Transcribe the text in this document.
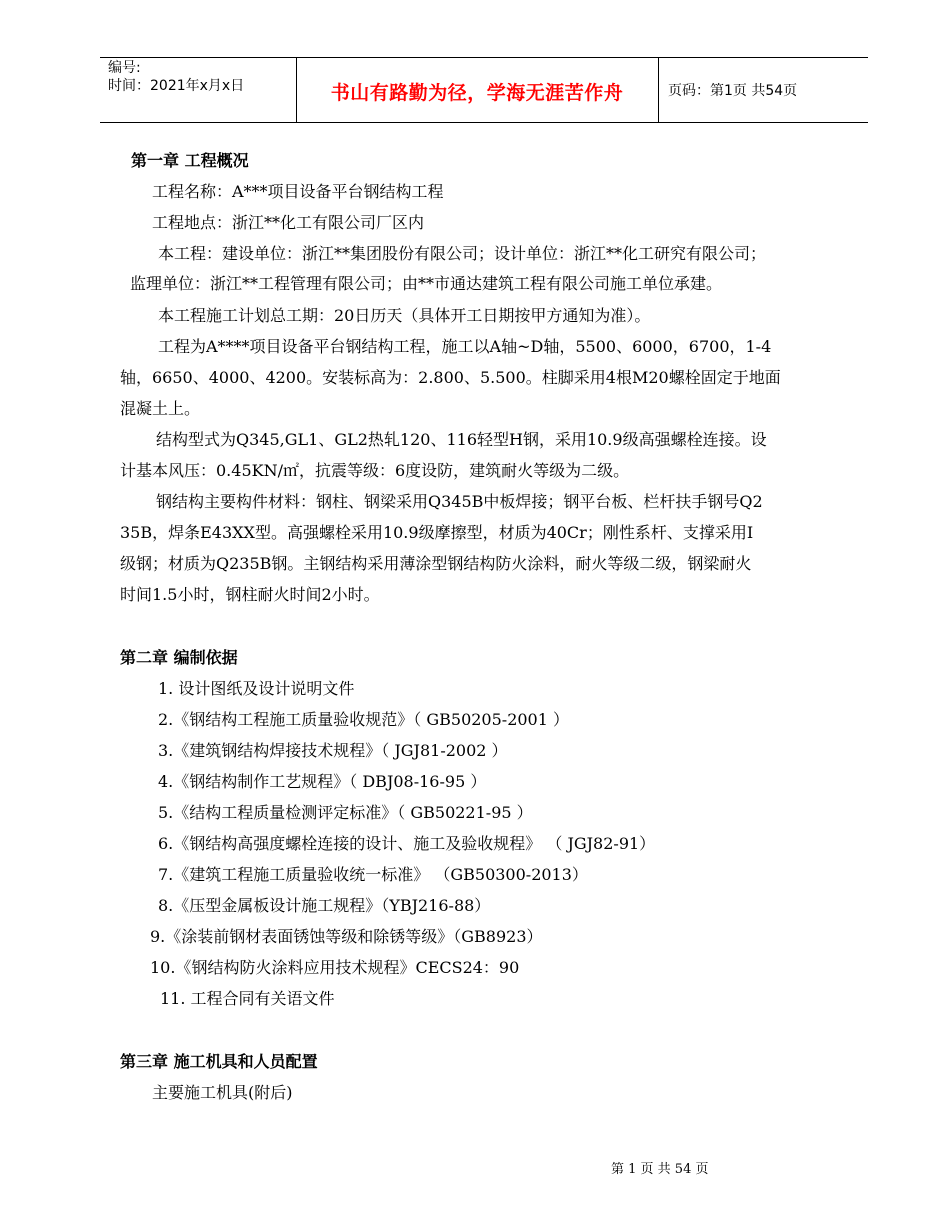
编号:
时间：2021年x月x日	书山有路勤为径，学海无涯苦作舟	页码：第1页 共54页
第一章 工程概况
工程名称：A***项目设备平台钢结构工程
工程地点：浙江**化工有限公司厂区内
本工程：建设单位：浙江**集团股份有限公司；设计单位：浙江**化工研究有限公司；
监理单位：浙江**工程管理有限公司；由**市通达建筑工程有限公司施工单位承建。
本工程施工计划总工期：20日历天（具体开工日期按甲方通知为准）。
工程为A****项目设备平台钢结构工程，施工以A轴~D轴，5500、6000，6700，1-4
轴，6650、4000、4200。安装标高为：2.800、5.500。柱脚采用4根M20螺栓固定于地面
混凝土上。
结构型式为Q345,GL1、GL2热轧120、116轻型H钢，采用10.9级高强螺栓连接。设
计基本风压：0.45KN/㎡，抗震等级：6度设防，建筑耐火等级为二级。
钢结构主要构件材料：钢柱、钢梁采用Q345B中板焊接；钢平台板、栏杆扶手钢号Q2
35B，焊条E43XX型。高强螺栓采用10.9级摩擦型，材质为40Cr；刚性系杆、支撑采用Ⅰ
级钢；材质为Q235B钢。主钢结构采用薄涂型钢结构防火涂料，耐火等级二级，钢梁耐火
时间1.5小时，钢柱耐火时间2小时。
第二章 编制依据
1. 设计图纸及设计说明文件
2.《钢结构工程施工质量验收规范》（ GB50205-2001 ）
3.《建筑钢结构焊接技术规程》（ JGJ81-2002 ）
4.《钢结构制作工艺规程》（ DBJ08-16-95 ）
5.《结构工程质量检测评定标准》（ GB50221-95 ）
6.《钢结构高强度螺栓连接的设计、施工及验收规程》 （ JGJ82-91）
7.《建筑工程施工质量验收统一标准》 （GB50300-2013）
8.《压型金属板设计施工规程》（YBJ216-88）
9.《涂装前钢材表面锈蚀等级和除锈等级》（GB8923）
10.《钢结构防火涂料应用技术规程》CECS24：90
11. 工程合同有关语文件
第三章 施工机具和人员配置
主要施工机具(附后)
第 1 页 共 54 页
